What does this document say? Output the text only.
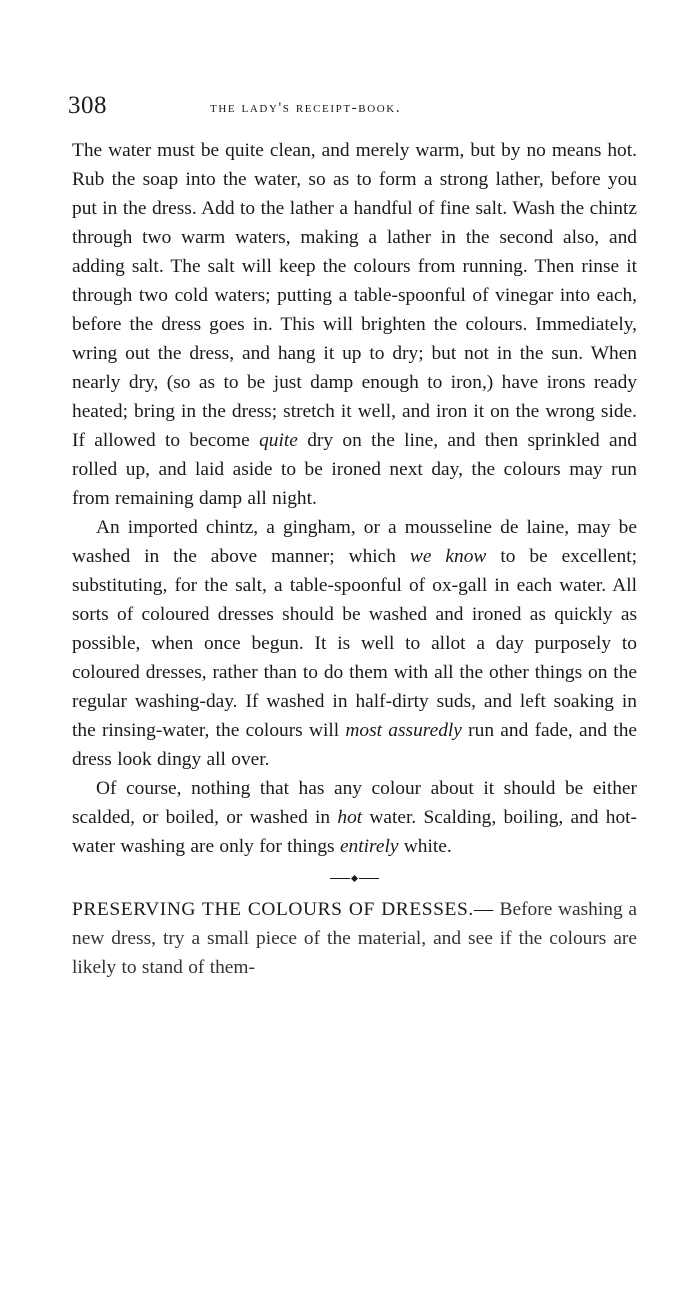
308	the lady's receipt-book.

The water must be quite clean, and merely warm, but by no means hot. Rub the soap into the water, so as to form a strong lather, before you put in the dress. Add to the lather a handful of fine salt. Wash the chintz through two warm waters, making a lather in the second also, and adding salt. The salt will keep the colours from running. Then rinse it through two cold waters; putting a table-spoonful of vinegar into each, before the dress goes in. This will brighten the colours. Immediately, wring out the dress, and hang it up to dry; but not in the sun. When nearly dry, (so as to be just damp enough to iron,) have irons ready heated; bring in the dress; stretch it well, and iron it on the wrong side. If allowed to become quite dry on the line, and then sprinkled and rolled up, and laid aside to be ironed next day, the colours may run from remaining damp all night.

An imported chintz, a gingham, or a mousseline de laine, may be washed in the above manner; which we know to be excellent; substituting, for the salt, a table-spoonful of ox-gall in each water. All sorts of coloured dresses should be washed and ironed as quickly as possible, when once begun. It is well to allot a day purposely to coloured dresses, rather than to do them with all the other things on the regular washing-day. If washed in half-dirty suds, and left soaking in the rinsing-water, the colours will most assuredly run and fade, and the dress look dingy all over.

Of course, nothing that has any colour about it should be either scalded, or boiled, or washed in hot water. Scalding, boiling, and hot-water washing are only for things entirely white.

PRESERVING THE COLOURS OF DRESSES.— Before washing a new dress, try a small piece of the material, and see if the colours are likely to stand of them-
